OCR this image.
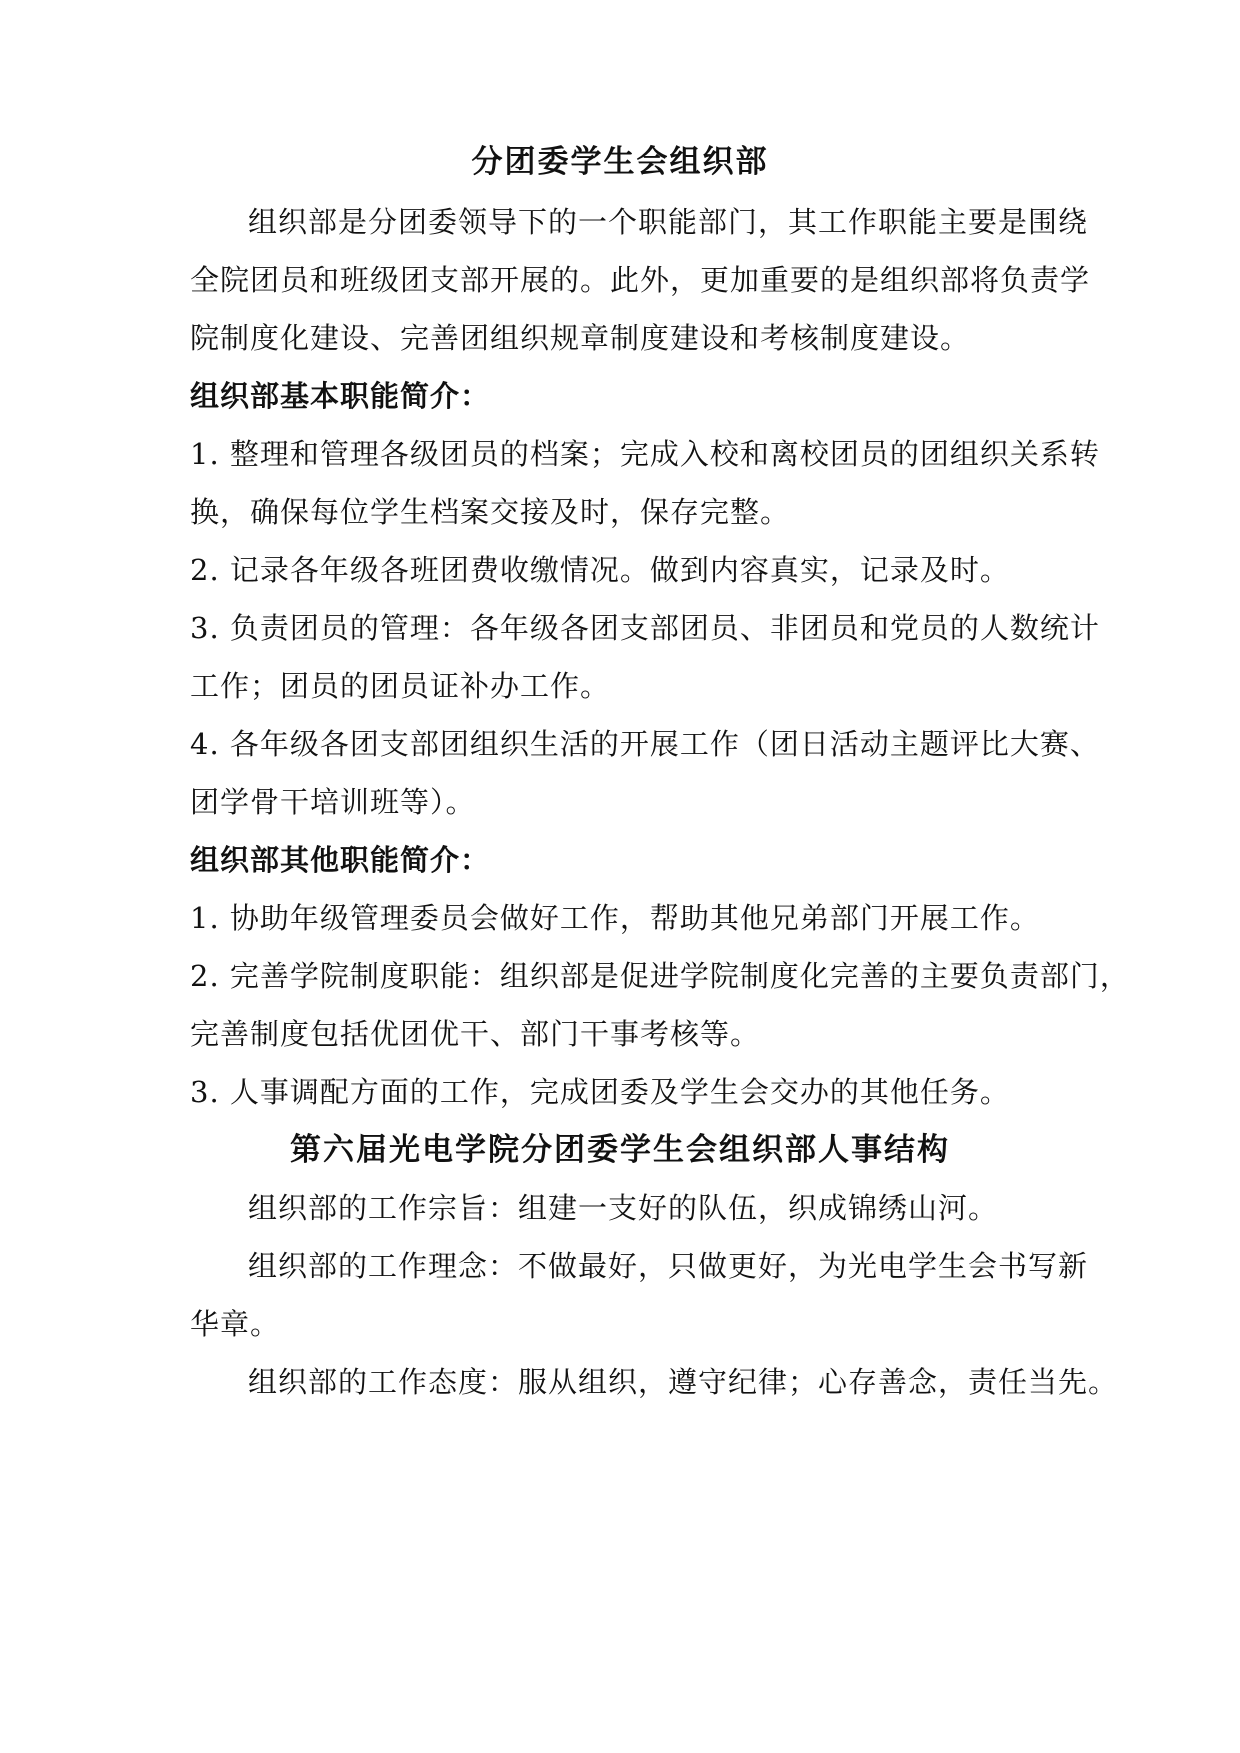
分团委学生会组织部
组织部是分团委领导下的一个职能部门，其工作职能主要是围绕
全院团员和班级团支部开展的。此外，更加重要的是组织部将负责学
院制度化建设、完善团组织规章制度建设和考核制度建设。
组织部基本职能简介：
1. 整理和管理各级团员的档案；完成入校和离校团员的团组织关系转
换，确保每位学生档案交接及时，保存完整。
2. 记录各年级各班团费收缴情况。做到内容真实，记录及时。
3. 负责团员的管理：各年级各团支部团员、非团员和党员的人数统计
工作；团员的团员证补办工作。
4. 各年级各团支部团组织生活的开展工作（团日活动主题评比大赛、
团学骨干培训班等）。
组织部其他职能简介：
1. 协助年级管理委员会做好工作，帮助其他兄弟部门开展工作。
2. 完善学院制度职能：组织部是促进学院制度化完善的主要负责部门，
完善制度包括优团优干、部门干事考核等。
3. 人事调配方面的工作，完成团委及学生会交办的其他任务。
第六届光电学院分团委学生会组织部人事结构
组织部的工作宗旨：组建一支好的队伍，织成锦绣山河。
组织部的工作理念：不做最好，只做更好，为光电学生会书写新
华章。
组织部的工作态度：服从组织，遵守纪律；心存善念，责任当先。
